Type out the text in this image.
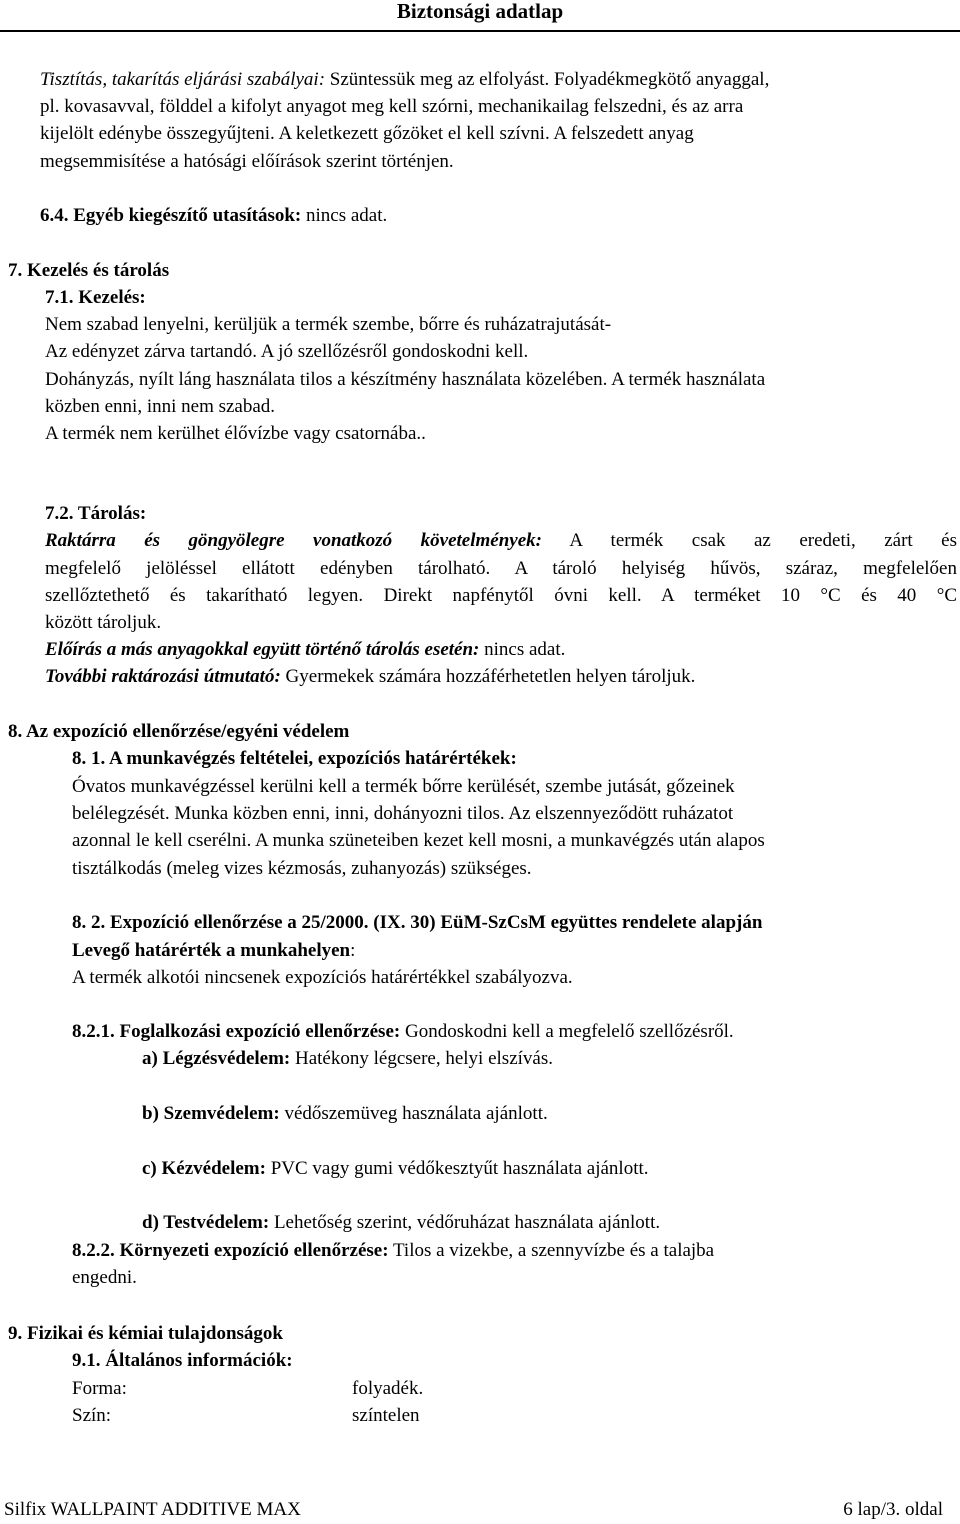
Biztonsági adatlap
Tisztítás, takarítás eljárási szabályai: Szüntessük meg az elfolyást. Folyadékmegkötő anyaggal,
pl. kovasavval, földdel a kifolyt anyagot meg kell szórni, mechanikailag felszedni, és az arra
kijelölt edénybe összegyűjteni. A keletkezett gőzöket el kell szívni. A felszedett anyag
megsemmisítése a hatósági előírások szerint történjen.
6.4. Egyéb kiegészítő utasítások: nincs adat.
7. Kezelés és tárolás
7.1. Kezelés:
Nem szabad lenyelni, kerüljük a termék szembe, bőrre és ruházatrajutását-
Az edényzet zárva tartandó. A jó szellőzésről gondoskodni kell.
Dohányzás, nyílt láng használata tilos a készítmény használata közelében. A termék használata
közben enni, inni nem szabad.
A termék nem kerülhet élővízbe vagy csatornába..
7.2. Tárolás:
Raktárra és göngyölegre vonatkozó követelmények: A termék csak az eredeti, zárt és
megfelelő jelöléssel ellátott edényben tárolható. A tároló helyiség hűvös, száraz, megfelelően
szellőztethető és takarítható legyen. Direkt napfénytől óvni kell. A terméket 10 °C és 40 °C
között tároljuk.
Előírás a más anyagokkal együtt történő tárolás esetén: nincs adat.
További raktározási útmutató: Gyermekek számára hozzáférhetetlen helyen tároljuk.
8. Az expozíció ellenőrzése/egyéni védelem
8. 1. A munkavégzés feltételei, expozíciós határértékek:
Óvatos munkavégzéssel kerülni kell a termék bőrre kerülését, szembe jutását, gőzeinek
belélegzését. Munka közben enni, inni, dohányozni tilos. Az elszennyeződött ruházatot
azonnal le kell cserélni. A munka szüneteiben kezet kell mosni, a munkavégzés után alapos
tisztálkodás (meleg vizes kézmosás, zuhanyozás) szükséges.
8. 2. Expozíció ellenőrzése a 25/2000. (IX. 30) EüM-SzCsM együttes rendelete alapján
Levegő határérték a munkahelyen:
A termék alkotói nincsenek expozíciós határértékkel szabályozva.
8.2.1. Foglalkozási expozíció ellenőrzése: Gondoskodni kell a megfelelő szellőzésről.
a) Légzésvédelem: Hatékony légcsere, helyi elszívás.
b) Szemvédelem: védőszemüveg használata ajánlott.
c) Kézvédelem: PVC vagy gumi védőkesztyűt használata ajánlott.
d) Testvédelem: Lehetőség szerint, védőruházat használata ajánlott.
8.2.2. Környezeti expozíció ellenőrzése: Tilos a vizekbe, a szennyvízbe és a talajba
engedni.
9. Fizikai és kémiai tulajdonságok
9.1. Általános információk:
Forma:	folyadék.
Szín:	színtelen
Silfix WALLPAINT ADDITIVE MAX	6 lap/3. oldal
